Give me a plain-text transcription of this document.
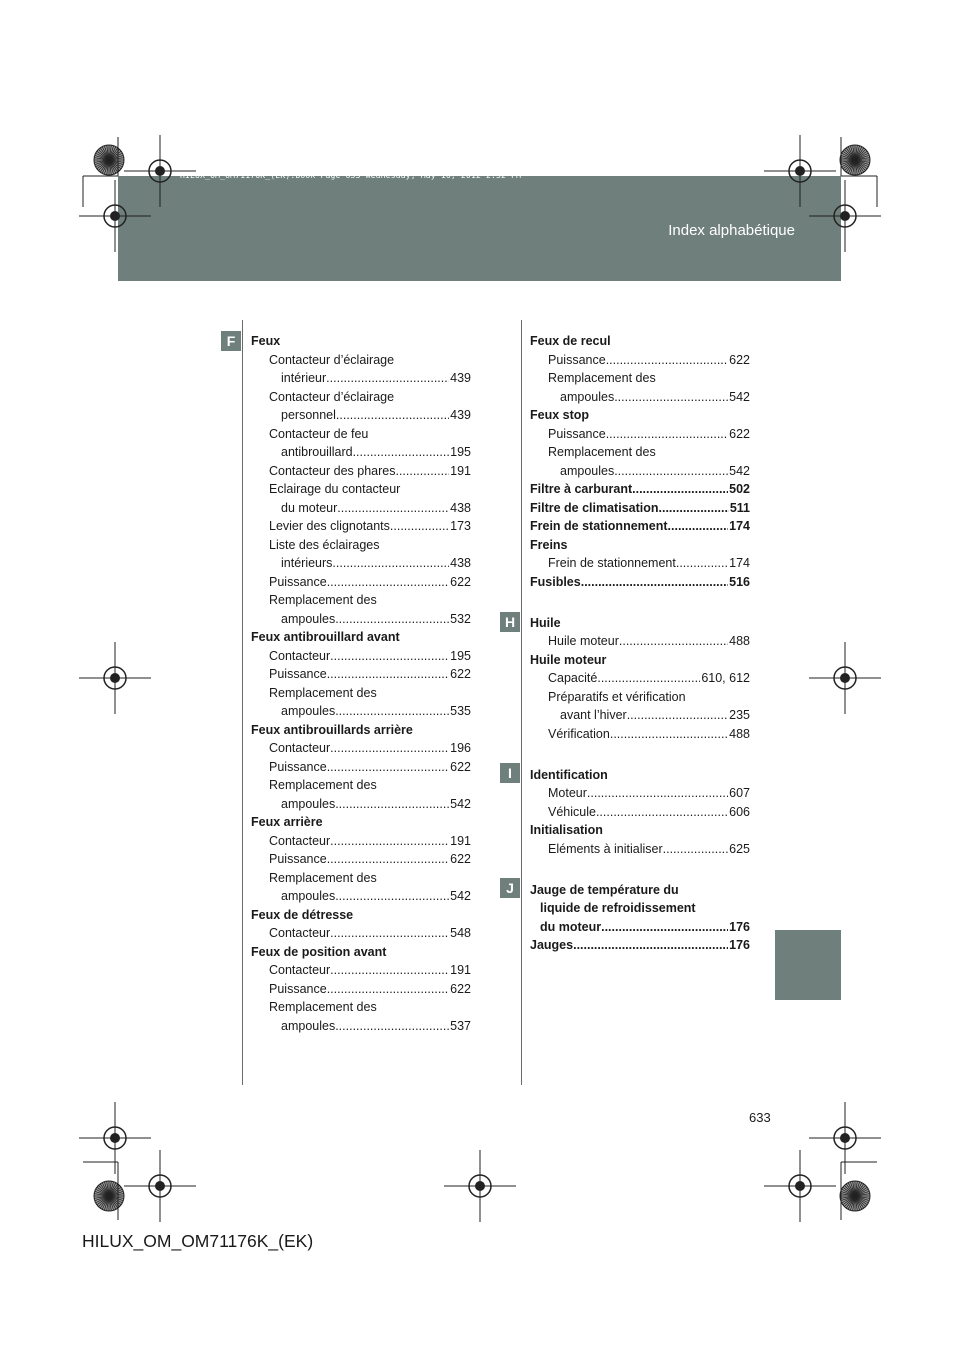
Index alphabétique
HILUX_OM_OM71176K_(EK).book Page 633 Wednesday, May 16, 2012 2:32 PM
F
H
I
J
Feux
Contacteur d’éclairage
intérieur .....	439
Contacteur d’éclairage
personnel .....	439
Contacteur de feu
antibrouillard .....	195
Contacteur des phares .....	191
Eclairage du contacteur
du moteur .....	438
Levier des clignotants .....	173
Liste des éclairages
intérieurs .....	438
Puissance .....	622
Remplacement des
ampoules .....	532
Feux antibrouillard avant
Contacteur .....	195
Puissance .....	622
Remplacement des
ampoules .....	535
Feux antibrouillards arrière
Contacteur .....	196
Puissance .....	622
Remplacement des
ampoules .....	542
Feux arrière
Contacteur .....	191
Puissance .....	622
Remplacement des
ampoules .....	542
Feux de détresse
Contacteur .....	548
Feux de position avant
Contacteur .....	191
Puissance .....	622
Remplacement des
ampoules .....	537
Feux de recul
Puissance .....	622
Remplacement des
ampoules .....	542
Feux stop
Puissance .....	622
Remplacement des
ampoules .....	542
Filtre à carburant .....	502
Filtre de climatisation .....	511
Frein de stationnement .....	174
Freins
Frein de stationnement .....	174
Fusibles .....	516
Huile
Huile moteur .....	488
Huile moteur
Capacité .....	610, 612
Préparatifs et vérification
avant l’hiver .....	235
Vérification .....	488
Identification
Moteur .....	607
Véhicule .....	606
Initialisation
Eléments à initialiser .....	625
Jauge de température du
liquide de refroidissement
du moteur .....	176
Jauges .....	176
633
HILUX_OM_OM71176K_(EK)
